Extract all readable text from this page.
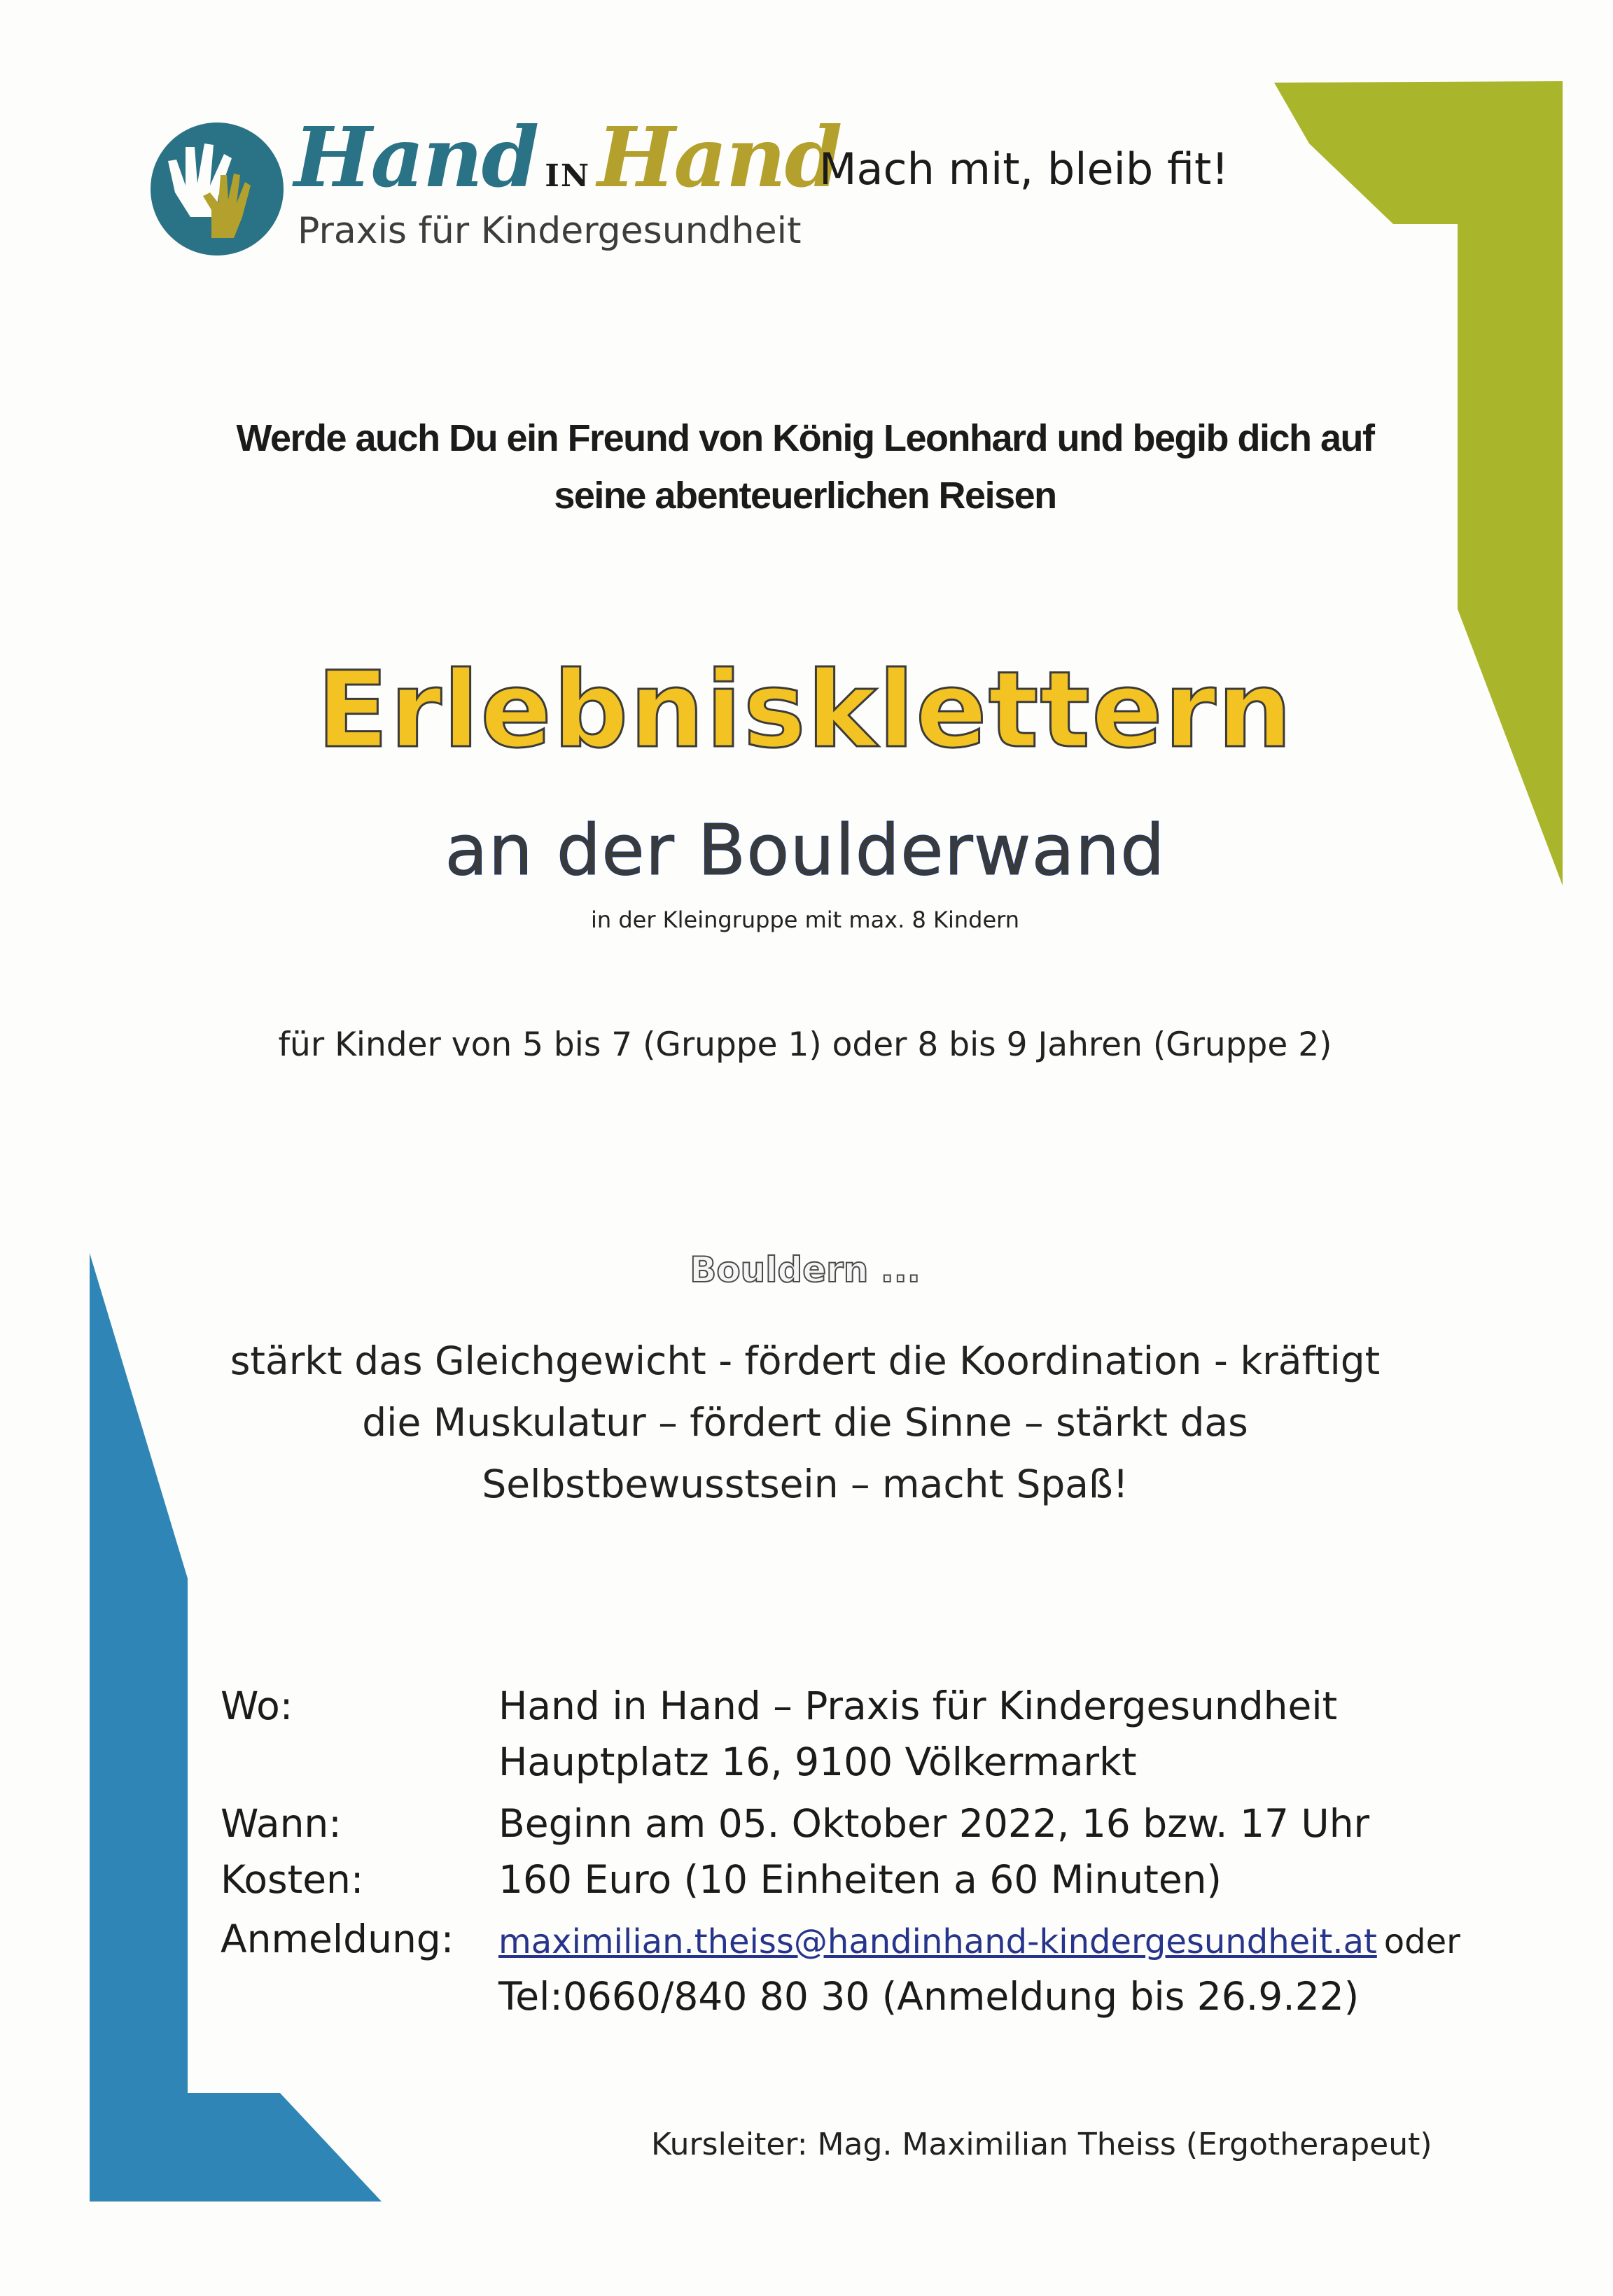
Hand INHand
Praxis für Kindergesundheit
Mach mit, bleib fit!
Werde auch Du ein Freund von König Leonhard und begib dich auf
seine abenteuerlichen Reisen
Erlebnisklettern
an der Boulderwand
in der Kleingruppe mit max. 8 Kindern
für Kinder von 5 bis 7 (Gruppe 1) oder 8 bis 9 Jahren (Gruppe 2)
Bouldern ...
stärkt das Gleichgewicht - fördert die Koordination - kräftigt
die Muskulatur – fördert die Sinne – stärkt das
Selbstbewusstsein – macht Spaß!
Wo:	Hand in Hand – Praxis für Kindergesundheit
Hauptplatz 16, 9100 Völkermarkt
Wann:	Beginn am 05. Oktober 2022, 16 bzw. 17 Uhr
Kosten:	160 Euro (10 Einheiten a 60 Minuten)
Anmeldung: maximilian.theiss@handinhand-kindergesundheit.at oder
Tel:0660/840 80 30 (Anmeldung bis 26.9.22)
Kursleiter: Mag. Maximilian Theiss (Ergotherapeut)
